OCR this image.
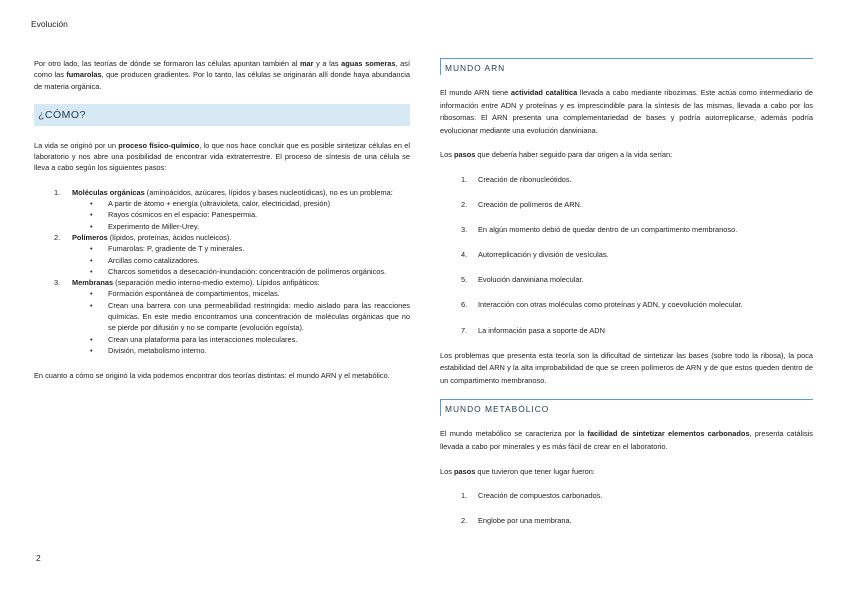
Evolución

Por otro lado, las teorías de dónde se formaron las células apuntan también al mar y a las aguas someras, así como las fumarolas, que producen gradientes. Por lo tanto, las células se originarán allí donde haya abundancia de materia orgánica.

¿CÓMO?

La vida se originó por un proceso físico-químico, lo que nos hace concluir que es posible sintetizar células en el laboratorio y nos abre una posibilidad de encontrar vida extraterrestre. El proceso de síntesis de una célula se lleva a cabo según los siguientes pasos:

1. Moléculas orgánicas (aminoácidos, azúcares, lípidos y bases nucleotídicas), no es un problema:

• A partir de átomo + energía (ultravioleta, calor, electricidad, presión)
• Rayos cósmicos en el espacio: Panespermia.
• Experimento de Miller-Urey.
2. Polímeros (lípidos, proteínas, ácidos nucleicos).

• Fumarolas: P, gradiente de T y minerales.
• Arcillas como catalizadores.
• Charcos sometidos a desecación-inundación: concentración de polímeros orgánicos.
3. Membranas (separación medio interno-medio externo). Lípidos anfipáticos:

• Formación espontánea de compartimentos, micelas.
• Crean una barrera con una permeabilidad restringida: medio aislado para las reacciones químicas. En este medio encontramos una concentración de moléculas orgánicas que no se pierde por difusión y no se comparte (evolución egoísta).
• Crean una plataforma para las interacciones moleculares.
• División, metabolismo interno.

En cuanto a cómo se originó la vida podemos encontrar dos teorías distintas: el mundo ARN y el metabólico.

MUNDO ARN

El mundo ARN tiene actividad catalítica llevada a cabo mediante ribozimas. Este actúa como intermediario de información entre ADN y proteínas y es imprescindible para la síntesis de las mismas, llevada a cabo por los ribosomas. El ARN presenta una complementariedad de bases y podría autorreplicarse, además podría evolucionar mediante una evolución darwiniana.

Los pasos que debería haber seguido para dar origen a la vida serían:

1. Creación de ribonucleótidos.
2. Creación de polímeros de ARN.
3. En algún momento debió de quedar dentro de un compartimento membranoso.
4. Autorreplicación y división de vesículas.
5. Evolución darwiniana molecular.
6. Interacción con otras moléculas como proteínas y ADN, y coevolución molecular.
7. La información pasa a soporte de ADN

Los problemas que presenta esta teoría son la dificultad de sintetizar las bases (sobre todo la ribosa), la poca estabilidad del ARN y la alta improbabilidad de que se creen polímeros de ARN y de que estos queden dentro de un compartimento membranoso.

MUNDO METABÓLICO

El mundo metabólico se caracteriza por la facilidad de sintetizar elementos carbonados, presenta catálisis llevada a cabo por minerales y es más fácil de crear en el laboratorio.

Los pasos que tuvieron que tener lugar fueron:

1. Creación de compuestos carbonados.
2. Englobe por una membrana.
2
